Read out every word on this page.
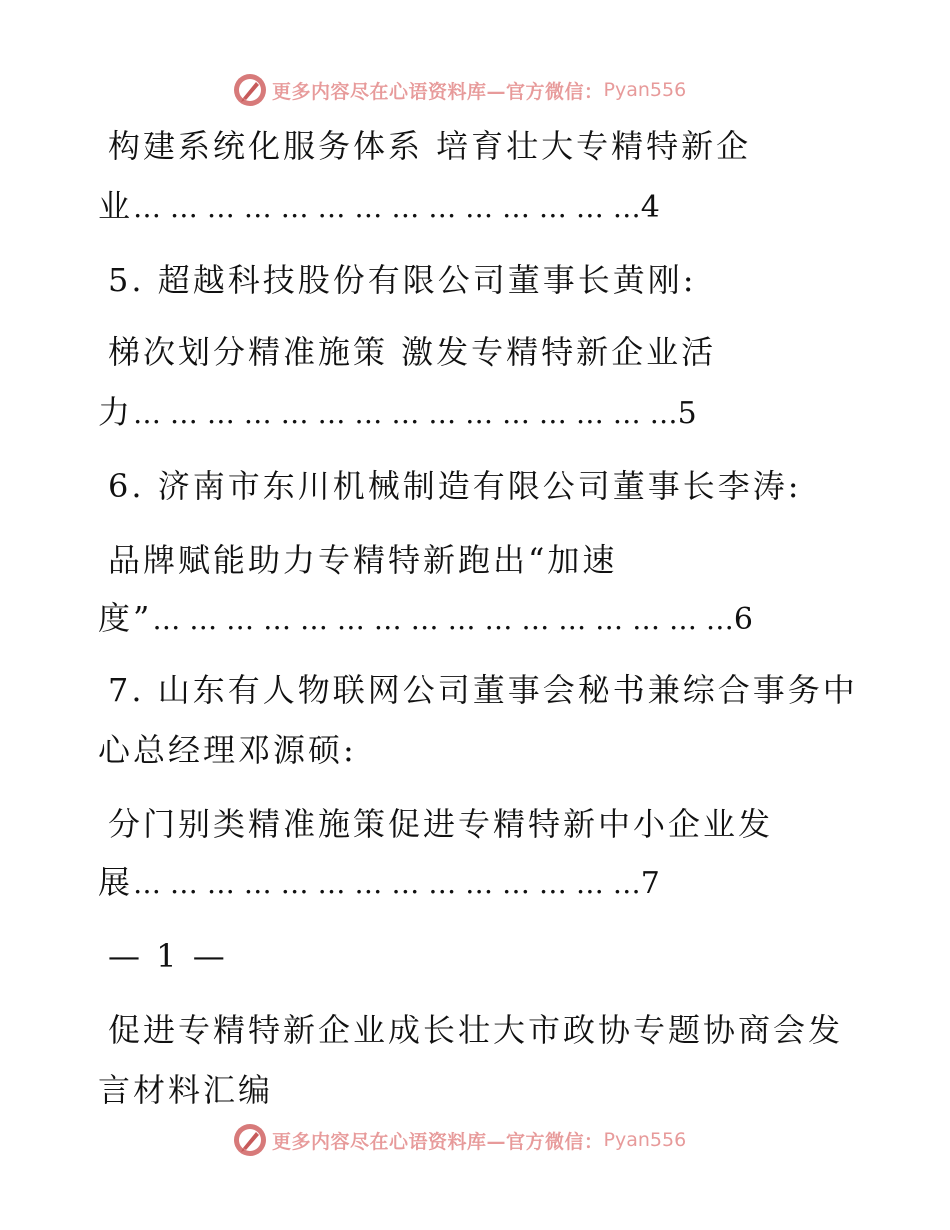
更多内容尽在心语资料库—官方微信： Pyan556
构建系统化服务体系 培育壮大专精特新企
业… … … … … … … … … … … … … …4
5. 超越科技股份有限公司董事长黄刚:
梯次划分精准施策 激发专精特新企业活
力… … … … … … … … … … … … … … …5
6. 济南市东川机械制造有限公司董事长李涛:
品牌赋能助力专精特新跑出“加速
度”… … … … … … … … … … … … … … … …6
7. 山东有人物联网公司董事会秘书兼综合事务中
心总经理邓源硕:
分门别类精准施策促进专精特新中小企业发
展… … … … … … … … … … … … … …7
— 1 —
促进专精特新企业成长壮大市政协专题协商会发
言材料汇编
更多内容尽在心语资料库—官方微信： Pyan556
